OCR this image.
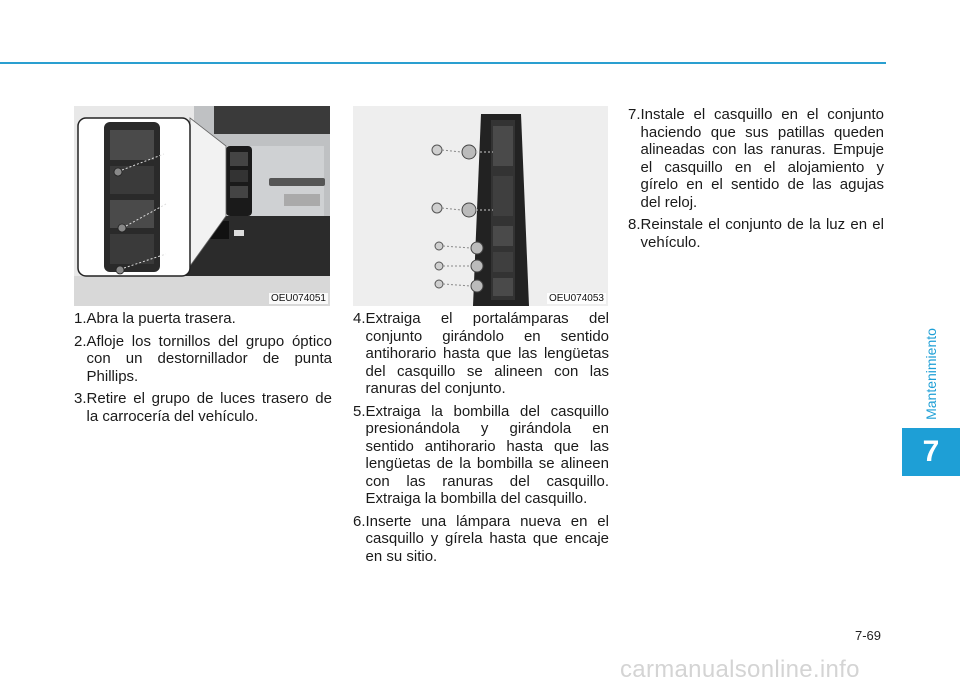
OEU074051	OEU074053
1. Abra la puerta trasera.
2. Afloje los tornillos del grupo óptico con un destornillador de punta Phillips.
3. Retire el grupo de luces trasero de la carrocería del vehículo.
4. Extraiga el portalámparas del conjunto girándolo en sentido antihorario hasta que las lengüetas del casquillo se alineen con las ranuras del conjunto.
5. Extraiga la bombilla del casquillo presionándola y girándola en sentido antihorario hasta que las lengüetas de la bombilla se alineen con las ranuras del casquillo. Extraiga la bombilla del casquillo.
6. Inserte una lámpara nueva en el casquillo y gírela hasta que encaje en su sitio.
7. Instale el casquillo en el conjunto haciendo que sus patillas queden alineadas con las ranuras. Empuje el casquillo en el alojamiento y gírelo en el sentido de las agujas del reloj.
8. Reinstale el conjunto de la luz en el vehículo.
Mantenimiento
7
7-69
carmanualsonline.info
